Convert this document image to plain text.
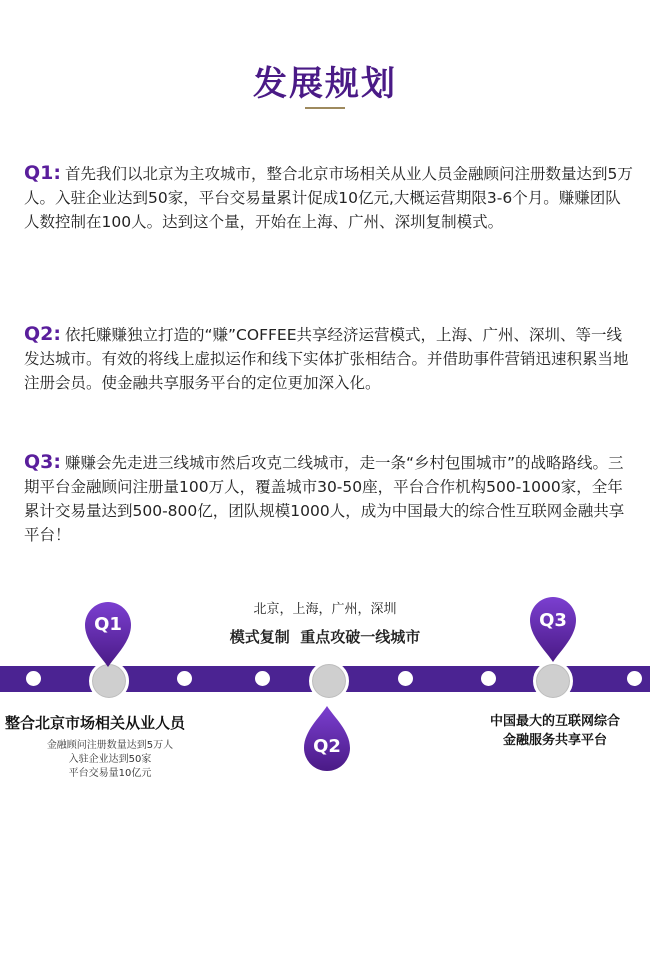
发展规划
Q1: 首先我们以北京为主攻城市，整合北京市场相关从业人员金融顾问注册数量达到5万人。入驻企业达到50家，平台交易量累计促成10亿元,大概运营期限3-6个月。赚赚团队人数控制在100人。达到这个量，开始在上海、广州、深圳复制模式。
Q2: 依托赚赚独立打造的“赚”COFFEE共享经济运营模式，上海、广州、深圳、等一线发达城市。有效的将线上虚拟运作和线下实体扩张相结合。并借助事件营销迅速积累当地注册会员。使金融共享服务平台的定位更加深入化。
Q3: 赚赚会先走进三线城市然后攻克二线城市，走一条“乡村包围城市”的战略路线。三期平台金融顾问注册量100万人，覆盖城市30-50座，平台合作机构500-1000家，全年累计交易量达到500-800亿，团队规模1000人，成为中国最大的综合性互联网金融共享平台！
Q1
Q2
Q3
北京，上海，广州，深圳
模式复制  重点攻破一线城市
整合北京市场相关从业人员
金融顾问注册数量达到5万人
入驻企业达到50家
平台交易量10亿元
中国最大的互联网综合
金融服务共享平台
